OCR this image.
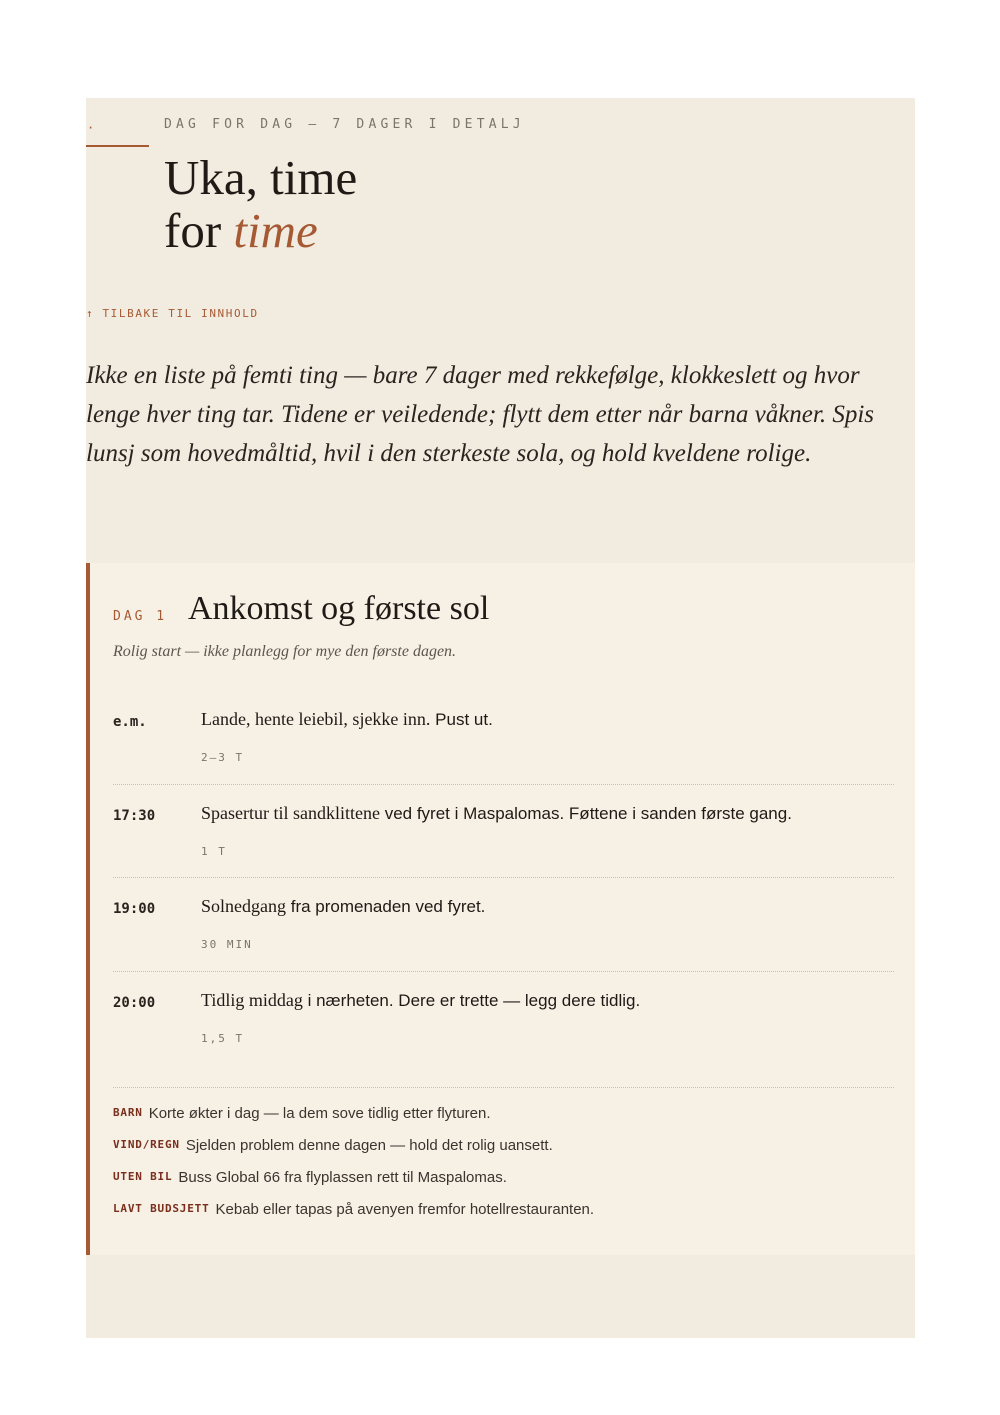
·	DAG FOR DAG — 7 DAGER I DETALJ
Uka, time
for time
↑ TILBAKE TIL INNHOLD

Ikke en liste på femti ting — bare 7 dager med rekkefølge, klokkeslett og hvor lenge hver ting tar. Tidene er veiledende; flytt dem etter når barna våkner. Spis lunsj som hovedmåltid, hvil i den sterkeste sola, og hold kveldene rolige.

DAG 1 Ankomst og første sol
Rolig start — ikke planlegg for mye den første dagen.
e.m.	Lande, hente leiebil, sjekke inn. Pust ut.
2–3 T
17:30	Spasertur til sandklittene ved fyret i Maspalomas. Føttene i sanden første gang.
1 T
19:00	Solnedgang fra promenaden ved fyret.
30 MIN
20:00	Tidlig middag i nærheten. Dere er trette — legg dere tidlig.
1,5 T
BARN Korte økter i dag — la dem sove tidlig etter flyturen.
VIND/REGN Sjelden problem denne dagen — hold det rolig uansett.
UTEN BIL Buss Global 66 fra flyplassen rett til Maspalomas.
LAVT BUDSJETT Kebab eller tapas på avenyen fremfor hotellrestauranten.
